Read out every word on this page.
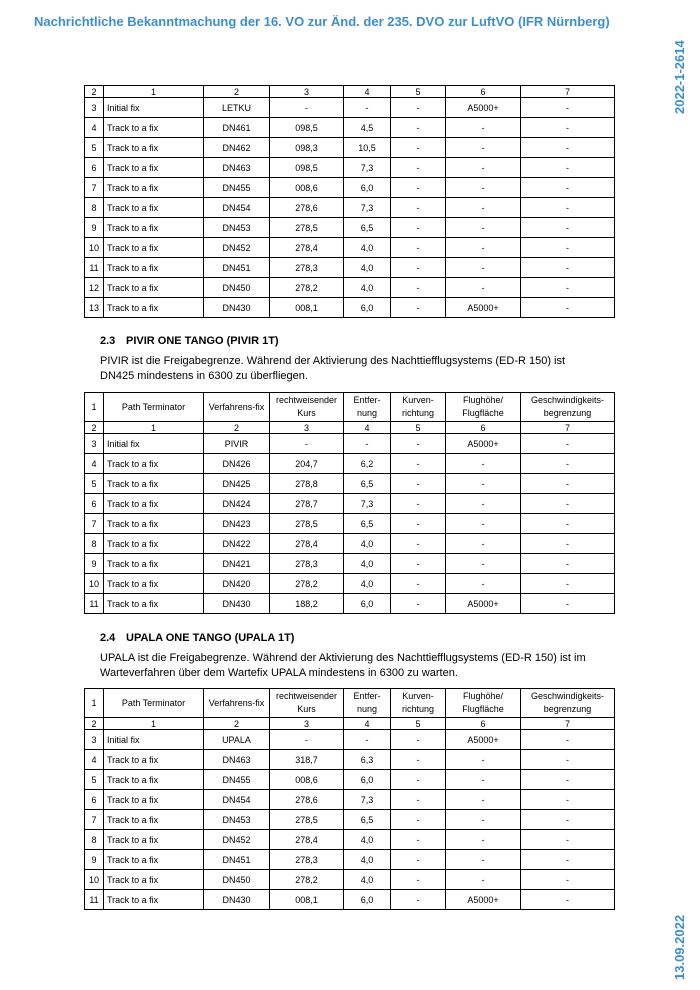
Nachrichtliche Bekanntmachung der 16. VO zur Änd. der 235. DVO zur LuftVO (IFR Nürnberg)
2022-1-2614
13.09.2022
2	1	2	3	4	5	6	7
3	Initial fix	LETKU	-	-	-	A5000+	-
4	Track to a fix	DN461	098,5	4,5	-	-	-
5	Track to a fix	DN462	098,3	10,5	-	-	-
6	Track to a fix	DN463	098,5	7,3	-	-	-
7	Track to a fix	DN455	008,6	6,0	-	-	-
8	Track to a fix	DN454	278,6	7,3	-	-	-
9	Track to a fix	DN453	278,5	6,5	-	-	-
10	Track to a fix	DN452	278,4	4,0	-	-	-
11	Track to a fix	DN451	278,3	4,0	-	-	-
12	Track to a fix	DN450	278,2	4,0	-	-	-
13	Track to a fix	DN430	008,1	6,0	-	A5000+	-
2.3 PIVIR ONE TANGO (PIVIR 1T)
PIVIR ist die Freigabegrenze. Während der Aktivierung des Nachttiefflugsystems (ED-R 150) ist DN425 mindestens in 6300 zu überfliegen.
1	Path Terminator	Verfahrens-fix	rechtweisender Kurs	Entfer-nung	Kurven-richtung	Flughöhe/ Flugfläche	Geschwindigkeits-begrenzung
2	1	2	3	4	5	6	7
3	Initial fix	PIVIR	-	-	-	A5000+	-
4	Track to a fix	DN426	204,7	6,2	-	-	-
5	Track to a fix	DN425	278,8	6,5	-	-	-
6	Track to a fix	DN424	278,7	7,3	-	-	-
7	Track to a fix	DN423	278,5	6,5	-	-	-
8	Track to a fix	DN422	278,4	4,0	-	-	-
9	Track to a fix	DN421	278,3	4,0	-	-	-
10	Track to a fix	DN420	278,2	4,0	-	-	-
11	Track to a fix	DN430	188,2	6,0	-	A5000+	-
2.4 UPALA ONE TANGO (UPALA 1T)
UPALA ist die Freigabegrenze. Während der Aktivierung des Nachttiefflugsystems (ED-R 150) ist im Warteverfahren über dem Wartefix UPALA mindestens in 6300 zu warten.
1	Path Terminator	Verfahrens-fix	rechtweisender Kurs	Entfer-nung	Kurven-richtung	Flughöhe/ Flugfläche	Geschwindigkeits-begrenzung
2	1	2	3	4	5	6	7
3	Initial fix	UPALA	-	-	-	A5000+	-
4	Track to a fix	DN463	318,7	6,3	-	-	-
5	Track to a fix	DN455	008,6	6,0	-	-	-
6	Track to a fix	DN454	278,6	7,3	-	-	-
7	Track to a fix	DN453	278,5	6,5	-	-	-
8	Track to a fix	DN452	278,4	4,0	-	-	-
9	Track to a fix	DN451	278,3	4,0	-	-	-
10	Track to a fix	DN450	278,2	4,0	-	-	-
11	Track to a fix	DN430	008,1	6,0	-	A5000+	-
